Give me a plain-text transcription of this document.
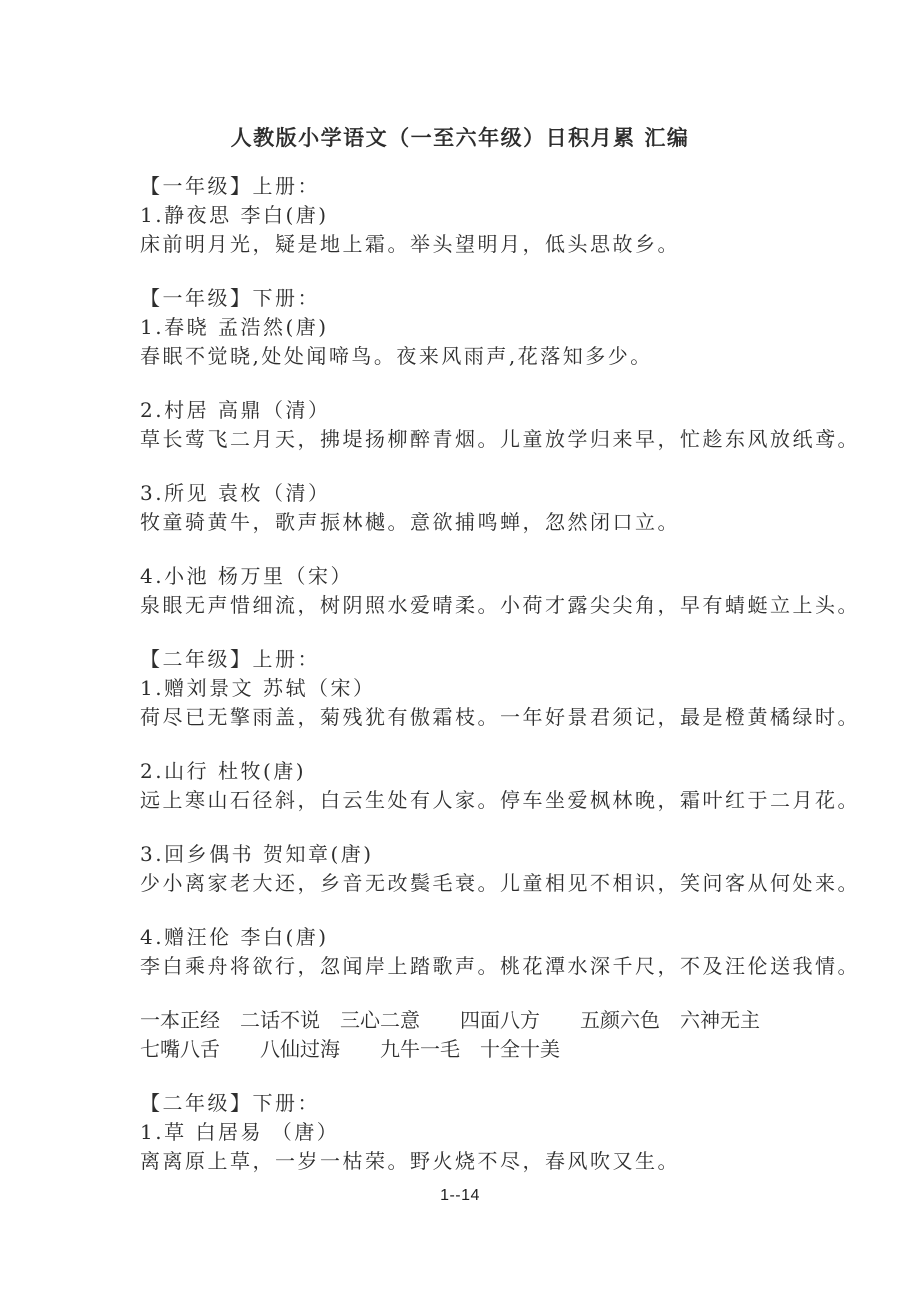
人教版小学语文（一至六年级）日积月累 汇编
【一年级】上册：
1.静夜思 李白(唐)
床前明月光，疑是地上霜。举头望明月，低头思故乡。
【一年级】下册：
1.春晓 孟浩然(唐)
春眠不觉晓,处处闻啼鸟。夜来风雨声,花落知多少。
2.村居 高鼎（清）
草长莺飞二月天，拂堤扬柳醉青烟。儿童放学归来早，忙趁东风放纸鸢。
3.所见 袁枚（清）
牧童骑黄牛，歌声振林樾。意欲捕鸣蝉，忽然闭口立。
4.小池 杨万里（宋）
泉眼无声惜细流，树阴照水爱晴柔。小荷才露尖尖角，早有蜻蜓立上头。
【二年级】上册：
1.赠刘景文 苏轼（宋）
荷尽已无擎雨盖，菊残犹有傲霜枝。一年好景君须记，最是橙黄橘绿时。
2.山行 杜牧(唐)
远上寒山石径斜，白云生处有人家。停车坐爱枫林晚，霜叶红于二月花。
3.回乡偶书 贺知章(唐)
少小离家老大还，乡音无改鬓毛衰。儿童相见不相识，笑问客从何处来。
4.赠汪伦 李白(唐)
李白乘舟将欲行，忽闻岸上踏歌声。桃花潭水深千尺，不及汪伦送我情。
一本正经　二话不说　三心二意　　四面八方　　五颜六色　六神无主
七嘴八舌　　八仙过海　　九牛一毛　十全十美
【二年级】下册：
1.草 白居易 （唐）
离离原上草，一岁一枯荣。野火烧不尽，春风吹又生。
1--14
